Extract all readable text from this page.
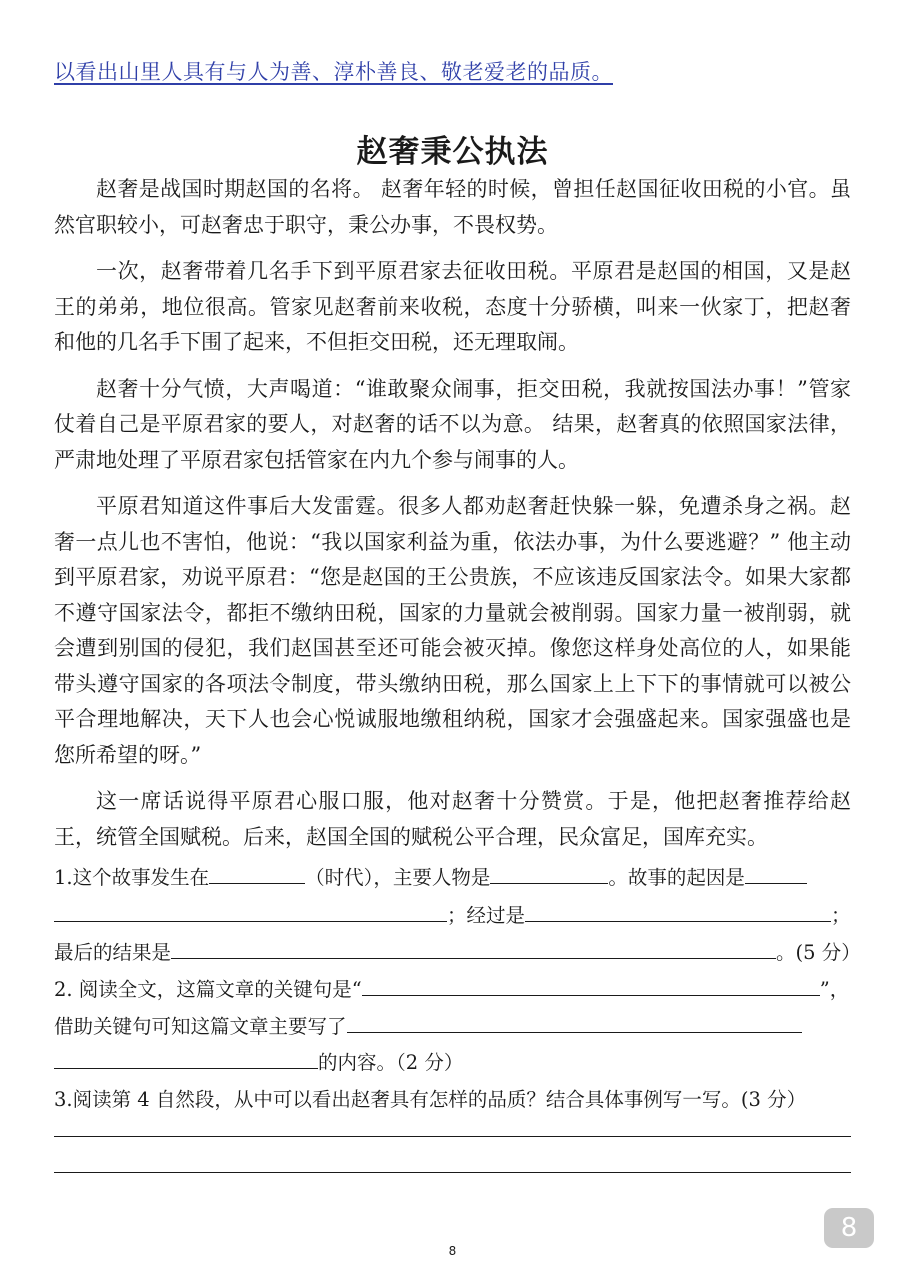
以看出山里人具有与人为善、淳朴善良、敬老爱老的品质。
赵奢秉公执法

赵奢是战国时期赵国的名将。 赵奢年轻的时候，曾担任赵国征收田税的小官。虽然官职较小，可赵奢忠于职守，秉公办事，不畏权势。

一次，赵奢带着几名手下到平原君家去征收田税。平原君是赵国的相国，又是赵王的弟弟，地位很高。管家见赵奢前来收税，态度十分骄横，叫来一伙家丁，把赵奢和他的几名手下围了起来，不但拒交田税，还无理取闹。

赵奢十分气愤，大声喝道：“谁敢聚众闹事，拒交田税，我就按国法办事！”管家仗着自己是平原君家的要人，对赵奢的话不以为意。 结果，赵奢真的依照国家法律，严肃地处理了平原君家包括管家在内九个参与闹事的人。

平原君知道这件事后大发雷霆。很多人都劝赵奢赶快躲一躲，免遭杀身之祸。赵奢一点儿也不害怕，他说：“我以国家利益为重，依法办事，为什么要逃避？” 他主动到平原君家，劝说平原君：“您是赵国的王公贵族，不应该违反国家法令。如果大家都不遵守国家法令，都拒不缴纳田税，国家的力量就会被削弱。国家力量一被削弱，就会遭到别国的侵犯，我们赵国甚至还可能会被灭掉。像您这样身处高位的人，如果能带头遵守国家的各项法令制度，带头缴纳田税，那么国家上上下下的事情就可以被公平合理地解决，天下人也会心悦诚服地缴租纳税，国家才会强盛起来。国家强盛也是您所希望的呀。”

这一席话说得平原君心服口服，他对赵奢十分赞赏。于是，他把赵奢推荐给赵王，统管全国赋税。后来，赵国全国的赋税公平合理，民众富足，国库充实。

1.这个故事发生在	（时代），主要人物是	。故事的起因是
；经过是	；
最后的结果是	。(5 分）
2. 阅读全文，这篇文章的关键句是“	”，
借助关键句可知这篇文章主要写了
的内容。（2 分）
3.阅读第 4 自然段，从中可以看出赵奢具有怎样的品质？结合具体事例写一写。(3 分）
8
8
